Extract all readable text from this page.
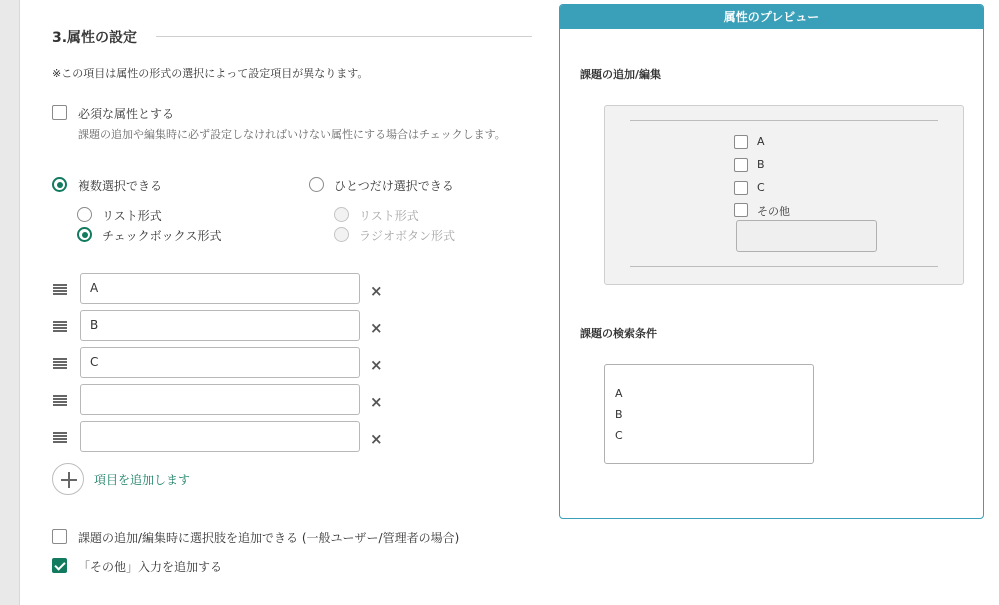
3.属性の設定
※この項目は属性の形式の選択によって設定項目が異なります。
必須な属性とする
課題の追加や編集時に必ず設定しなければいけない属性にする場合はチェックします。
複数選択できる	ひとつだけ選択できる
リスト形式
チェックボックス形式
リスト形式
ラジオボタン形式
A	×
B	×
C	×
×
×
項目を追加します
課題の追加/編集時に選択肢を追加できる (一般ユーザー/管理者の場合)
「その他」入力を追加する
属性のプレビュー
課題の追加/編集
A
B
C
その他
課題の検索条件
A
B
C
